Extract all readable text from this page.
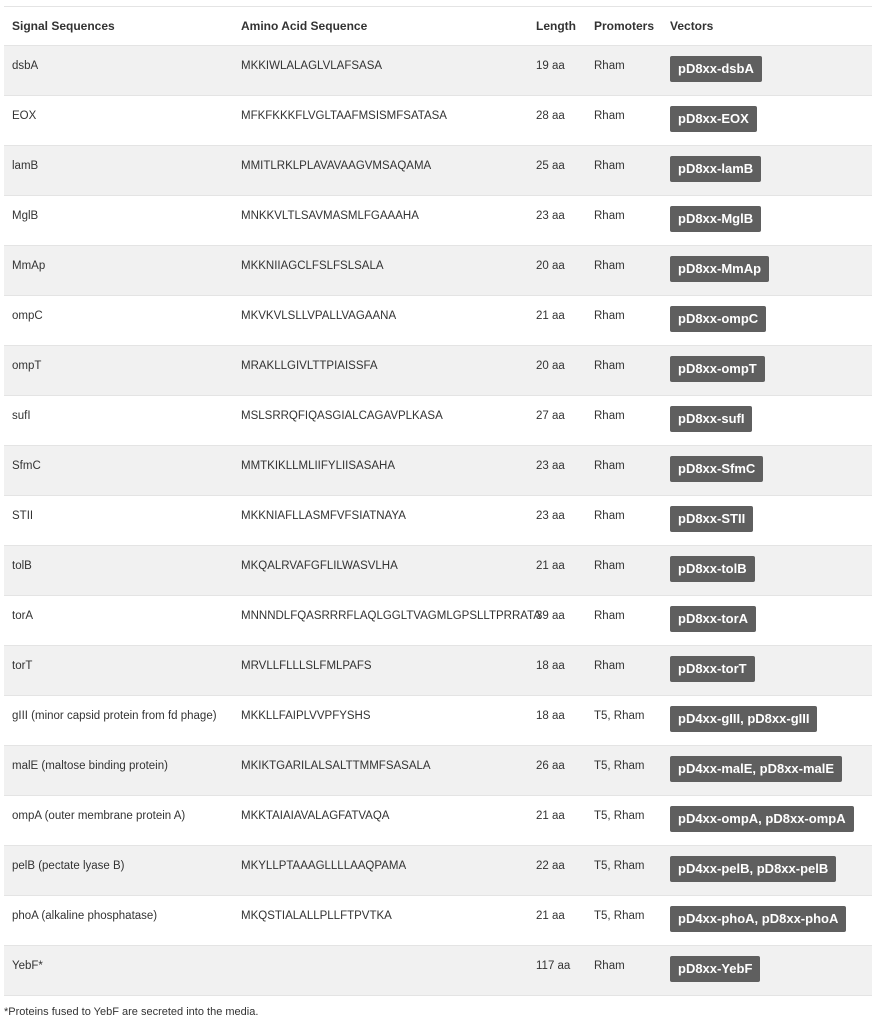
Signal Sequences	Amino Acid Sequence	Length	Promoters	Vectors

dsbA	MKKIWLALAGLVLAFSASA	19 aa	Rham	pD8xx-dsbA

EOX	MFKFKKKFLVGLTAAFMSISMFSATASA	28 aa	Rham	pD8xx-EOX

lamB	MMITLRKLPLAVAVAAGVMSAQAMA	25 aa	Rham	pD8xx-lamB

MglB	MNKKVLTLSAVMASMLFGAAAHA	23 aa	Rham	pD8xx-MglB

MmAp	MKKNIIAGCLFSLFSLSALA	20 aa	Rham	pD8xx-MmAp

ompC	MKVKVLSLLVPALLVAGAANA	21 aa	Rham	pD8xx-ompC

ompT	MRAKLLGIVLTTPIAISSFA	20 aa	Rham	pD8xx-ompT

sufI	MSLSRRQFIQASGIALCAGAVPLKASA	27 aa	Rham	pD8xx-sufI

SfmC	MMTKIKLLMLIIFYLIISASAHA	23 aa	Rham	pD8xx-SfmC

STII	MKKNIAFLLASMFVFSIATNAYA	23 aa	Rham	pD8xx-STII

tolB	MKQALRVAFGFLILWASVLHA	21 aa	Rham	pD8xx-tolB

torA	MNNNDLFQASRRRFLAQLGGLTVAGMLGPSLLTPRRATA	39 aa	Rham	pD8xx-torA

torT	MRVLLFLLLSLFMLPAFS	18 aa	Rham	pD8xx-torT

gIII (minor capsid protein from fd phage)	MKKLLFAIPLVVPFYSHS	18 aa	T5, Rham	pD4xx-gIII, pD8xx-gIII

malE (maltose binding protein)	MKIKTGARILALSALTTMMFSASALA	26 aa	T5, Rham	pD4xx-malE, pD8xx-malE

ompA (outer membrane protein A)	MKKTAIAIAVALAGFATVAQA	21 aa	T5, Rham	pD4xx-ompA, pD8xx-ompA

pelB (pectate lyase B)	MKYLLPTAAAGLLLLAAQPAMA	22 aa	T5, Rham	pD4xx-pelB, pD8xx-pelB

phoA (alkaline phosphatase)	MKQSTIALALLPLLFTPVTKA	21 aa	T5, Rham	pD4xx-phoA, pD8xx-phoA

YebF*		117 aa	Rham	pD8xx-YebF
*Proteins fused to YebF are secreted into the media.
